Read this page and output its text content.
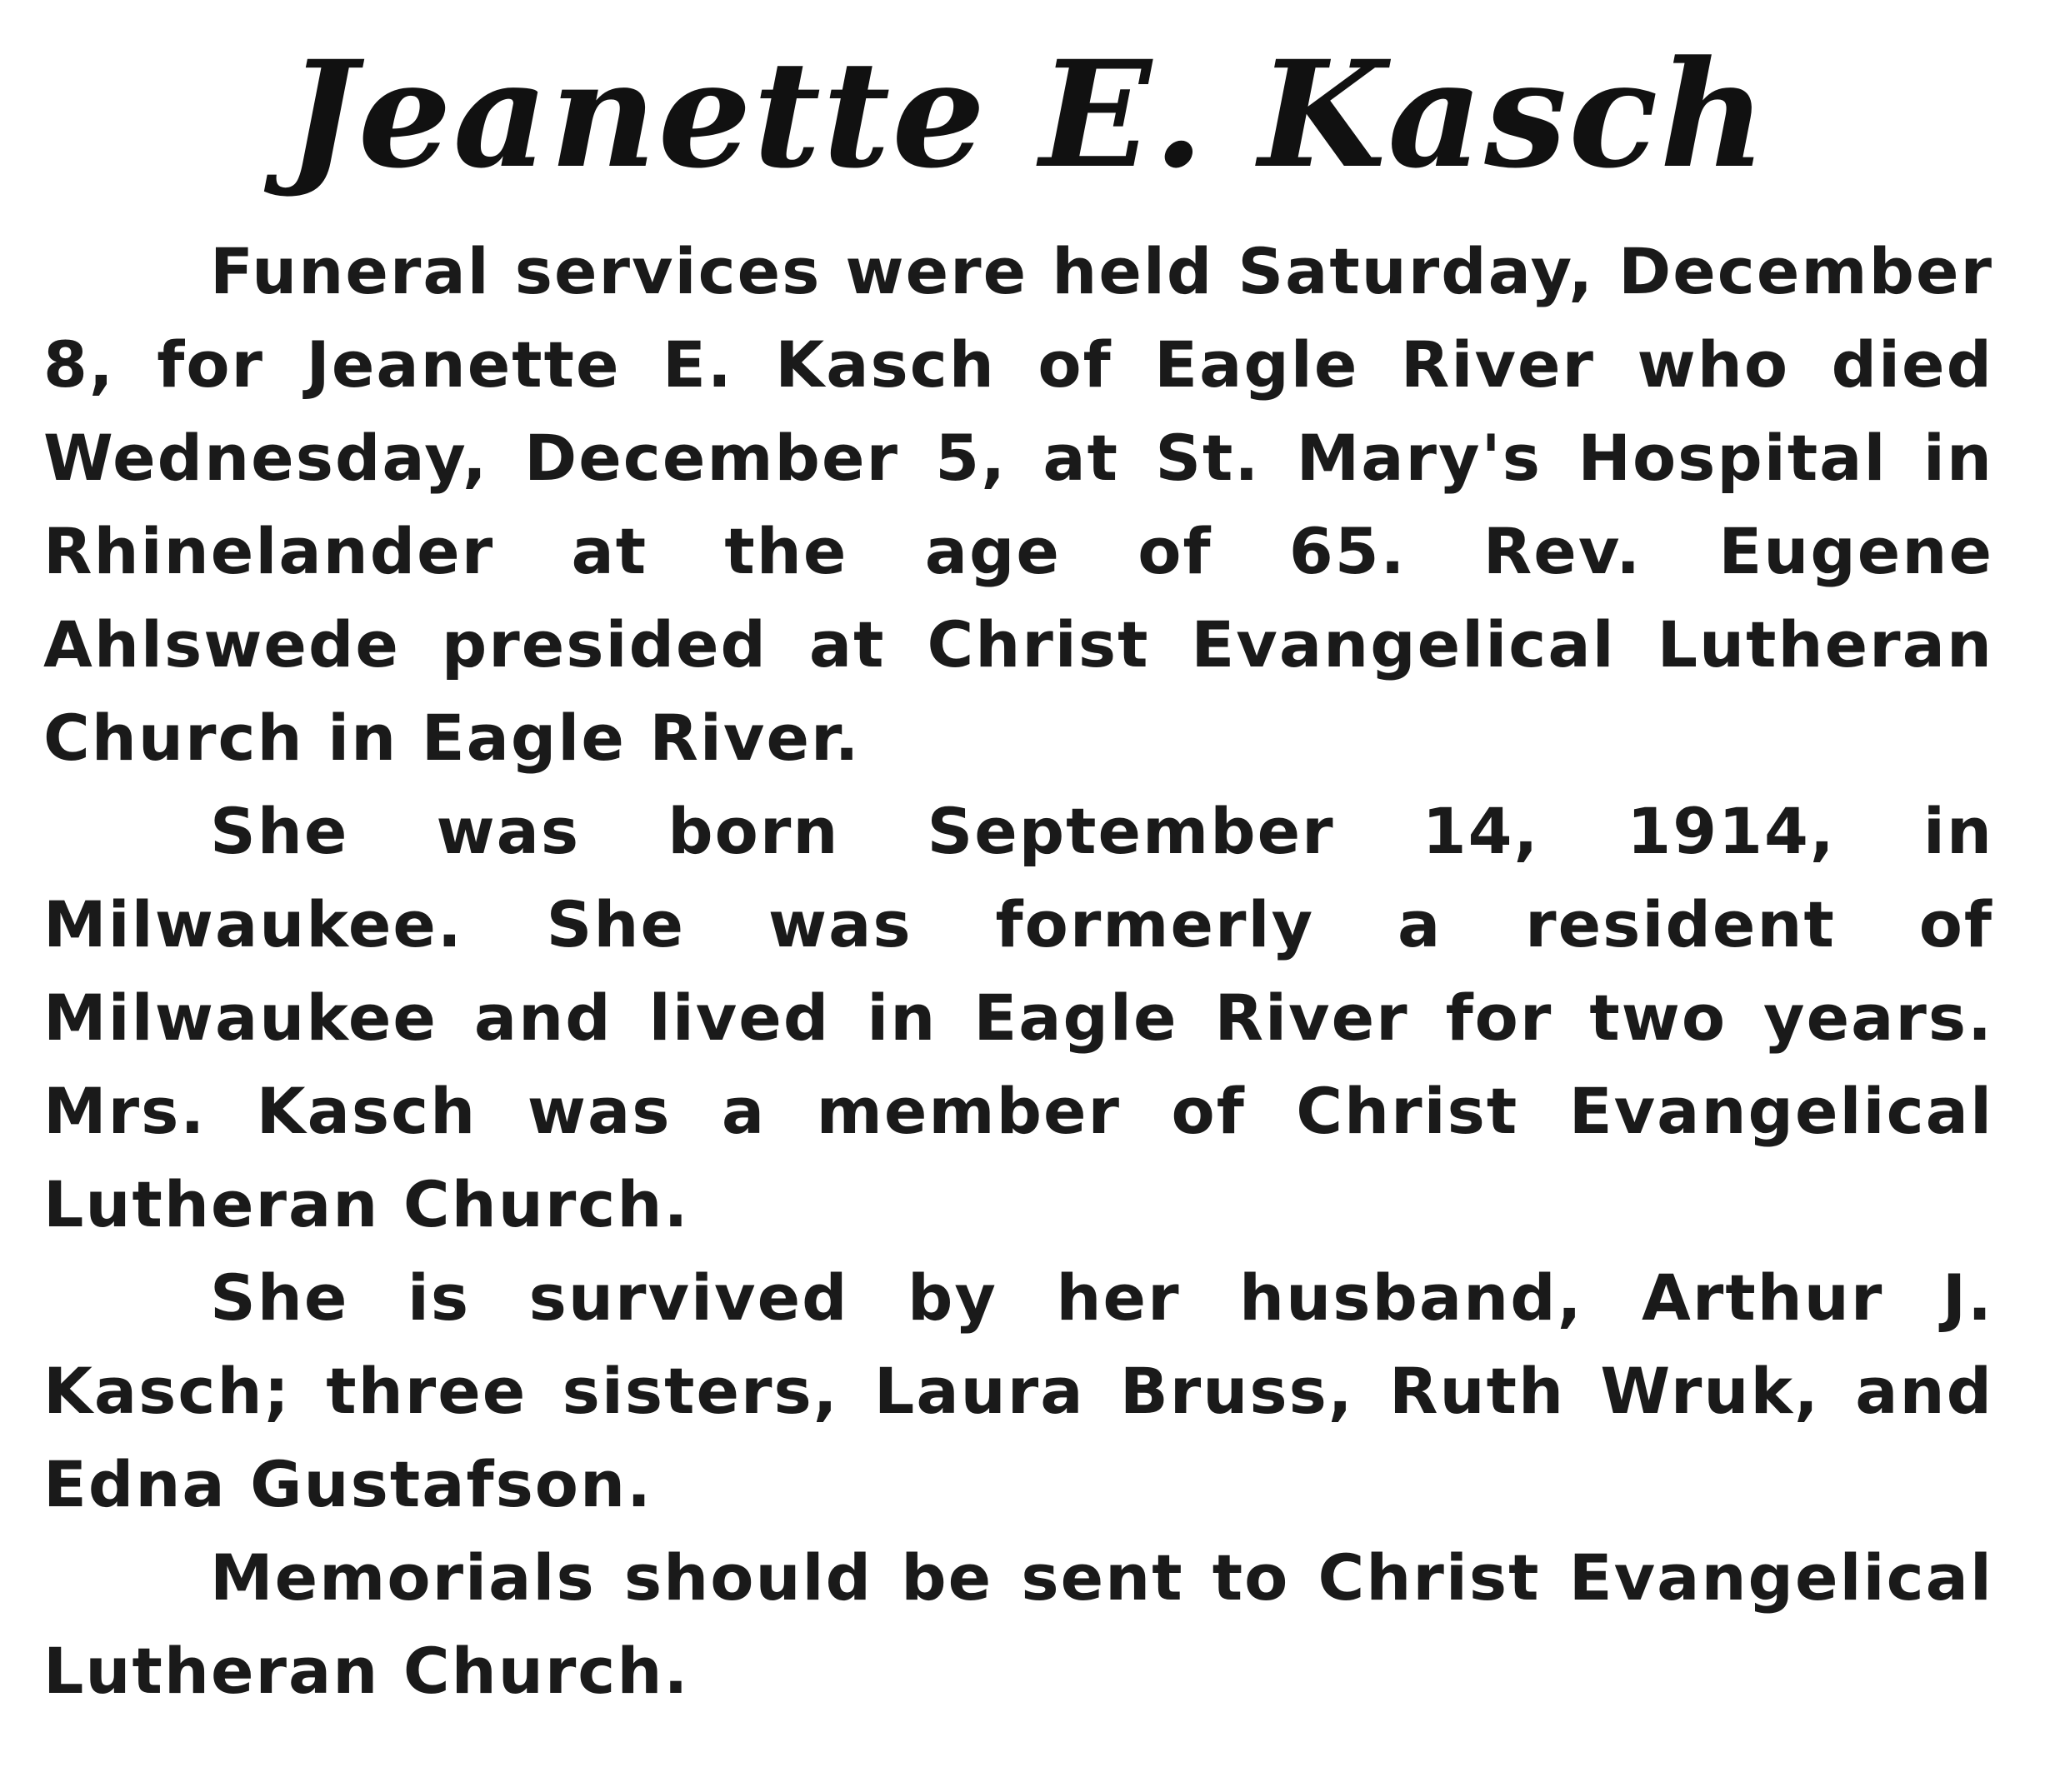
Jeanette E. Kasch

Funeral services were held Saturday, December 8, for Jeanette E. Kasch of Eagle River who died Wednesday, December 5, at St. Mary's Hospital in Rhinelander at the age of 65. Rev. Eugene Ahlswede presided at Christ Evangelical Lutheran Church in Eagle River.

She was born September 14, 1914, in Milwaukee. She was formerly a resident of Milwaukee and lived in Eagle River for two years. Mrs. Kasch was a member of Christ Evangelical Lutheran Church.

She is survived by her husband, Arthur J. Kasch; three sisters, Laura Bruss, Ruth Wruk, and Edna Gustafson.

Memorials should be sent to Christ Evangelical Lutheran Church.
